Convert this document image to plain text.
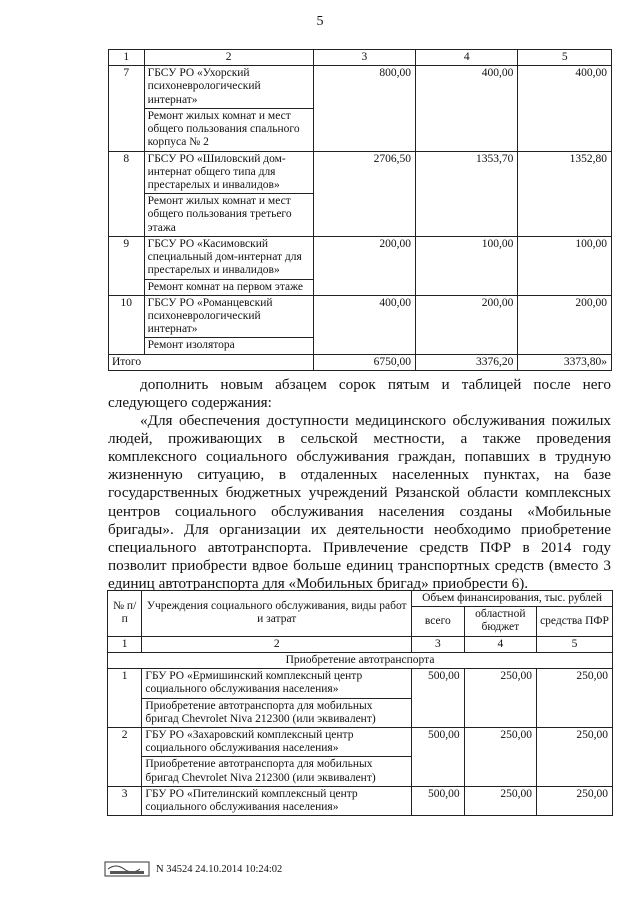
5
1	2	3	4	5
7	ГБСУ РО «Ухорский психоневрологический интернат»	800,00	400,00	400,00
	Ремонт жилых комнат и мест общего пользования спального корпуса № 2			
8	ГБСУ РО «Шиловский дом-интернат общего типа для престарелых и инвалидов»	2706,50	1353,70	1352,80
	Ремонт жилых комнат и мест общего пользования третьего этажа			
9	ГБСУ РО «Касимовский специальный дом-интернат для престарелых и инвалидов»	200,00	100,00	100,00
	Ремонт комнат на первом этаже			
10	ГБСУ РО «Романцевский психоневрологический интернат»	400,00	200,00	200,00
	Ремонт изолятора			
Итого		6750,00	3376,20	3373,80»

дополнить новым абзацем сорок пятым и таблицей после него следующего содержания:

«Для обеспечения доступности медицинского обслуживания пожилых людей, проживающих в сельской местности, а также проведения комплексного социального обслуживания граждан, попавших в трудную жизненную ситуацию, в отдаленных населенных пунктах, на базе государственных бюджетных учреждений Рязанской области комплексных центров социального обслуживания населения созданы «Мобильные бригады». Для организации их деятельности необходимо приобретение специального автотранспорта. Привлечение средств ПФР в 2014 году позволит приобрести вдвое больше единиц транспортных средств (вместо 3 единиц автотранспорта для «Мобильных бригад» приобрести 6).

№ п/п	Учреждения социального обслуживания, виды работ и затрат	Объем финансирования, тыс. рублей		
		всего	областной бюджет	средства ПФР
1	2	3	4	5
Приобретение автотранспорта				
1	ГБУ РО «Ермишинский комплексный центр социального обслуживания населения»	500,00	250,00	250,00
	Приобретение автотранспорта для мобильных бригад Chevrolet Niva 212300 (или эквивалент)			
2	ГБУ РО «Захаровский комплексный центр социального обслуживания населения»	500,00	250,00	250,00
	Приобретение автотранспорта для мобильных бригад Chevrolet Niva 212300 (или эквивалент)			
3	ГБУ РО «Пителинский комплексный центр социального обслуживания населения»	500,00	250,00	250,00
N 34524 24.10.2014 10:24:02
